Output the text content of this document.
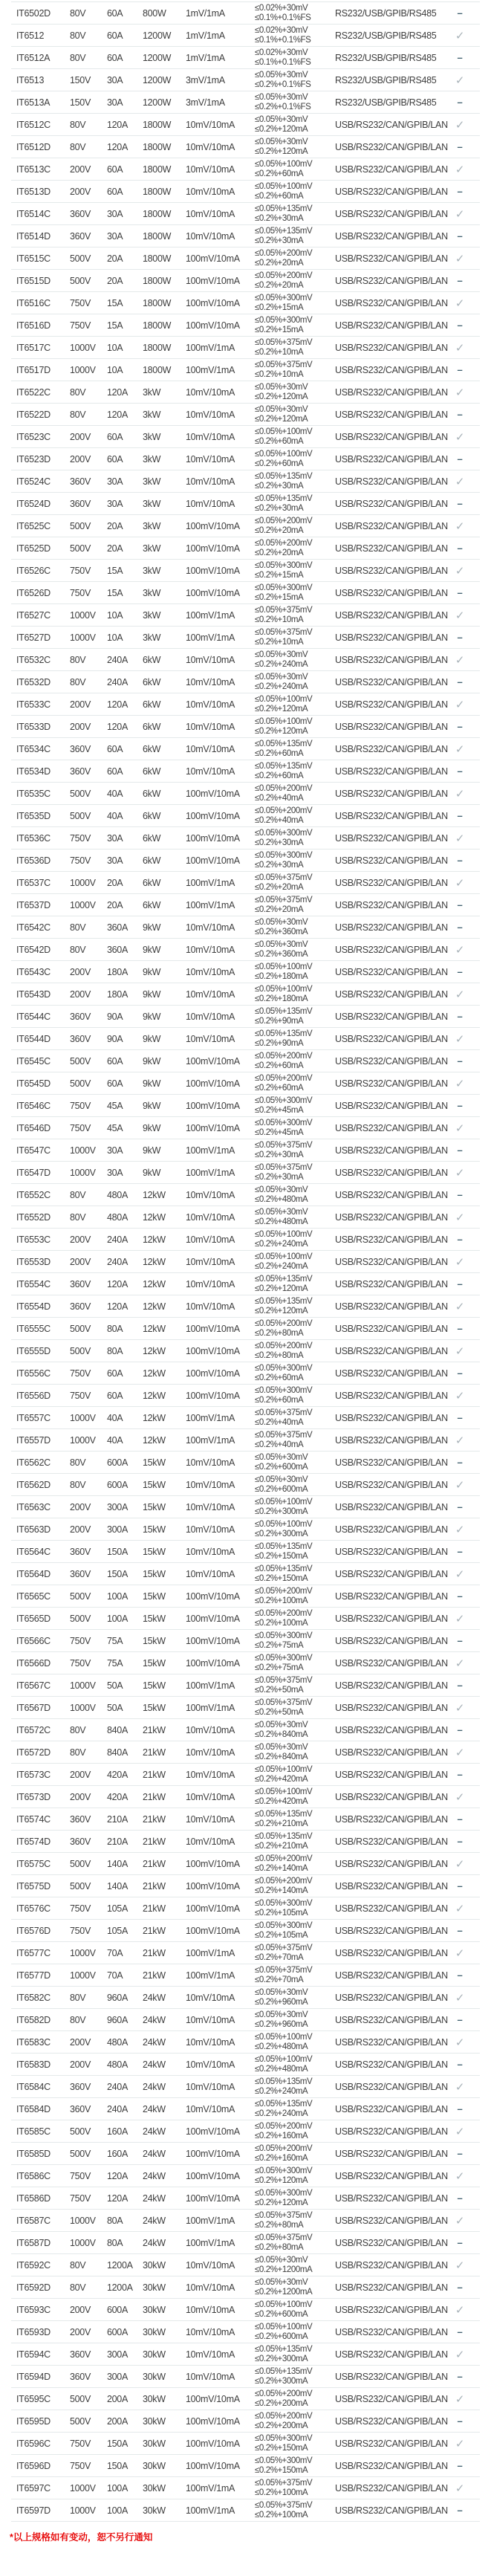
IT6502D	80V	60A	800W	1mV/1mA	≤0.02%+30mV
≤0.1%+0.1%FS	RS232/USB/GPIB/RS485	–
IT6512	80V	60A	1200W	1mV/1mA	≤0.02%+30mV
≤0.1%+0.1%FS	RS232/USB/GPIB/RS485	✓
IT6512A	80V	60A	1200W	1mV/1mA	≤0.02%+30mV
≤0.1%+0.1%FS	RS232/USB/GPIB/RS485	–
IT6513	150V	30A	1200W	3mV/1mA	≤0.05%+30mV
≤0.2%+0.1%FS	RS232/USB/GPIB/RS485	✓
IT6513A	150V	30A	1200W	3mV/1mA	≤0.05%+30mV
≤0.2%+0.1%FS	RS232/USB/GPIB/RS485	–
IT6512C	80V	120A	1800W	10mV/10mA	≤0.05%+30mV
≤0.2%+120mA	USB/RS232/CAN/GPIB/LAN ✓
IT6512D	80V	120A	1800W	10mV/10mA	≤0.05%+30mV
≤0.2%+120mA	USB/RS232/CAN/GPIB/LAN –
IT6513C	200V	60A	1800W	10mV/10mA	≤0.05%+100mV
≤0.2%+60mA	USB/RS232/CAN/GPIB/LAN ✓
IT6513D	200V	60A	1800W	10mV/10mA	≤0.05%+100mV
≤0.2%+60mA	USB/RS232/CAN/GPIB/LAN –
IT6514C	360V	30A	1800W	10mV/10mA	≤0.05%+135mV
≤0.2%+30mA	USB/RS232/CAN/GPIB/LAN ✓
IT6514D	360V	30A	1800W	10mV/10mA	≤0.05%+135mV
≤0.2%+30mA	USB/RS232/CAN/GPIB/LAN –
IT6515C	500V	20A	1800W	100mV/10mA	≤0.05%+200mV
≤0.2%+20mA	USB/RS232/CAN/GPIB/LAN ✓
IT6515D	500V	20A	1800W	100mV/10mA	≤0.05%+200mV
≤0.2%+20mA	USB/RS232/CAN/GPIB/LAN –
IT6516C	750V	15A	1800W	100mV/10mA	≤0.05%+300mV
≤0.2%+15mA	USB/RS232/CAN/GPIB/LAN ✓
IT6516D	750V	15A	1800W	100mV/10mA	≤0.05%+300mV
≤0.2%+15mA	USB/RS232/CAN/GPIB/LAN –
IT6517C	1000V	10A	1800W	100mV/1mA	≤0.05%+375mV
≤0.2%+10mA	USB/RS232/CAN/GPIB/LAN ✓
IT6517D	1000V	10A	1800W	100mV/1mA	≤0.05%+375mV
≤0.2%+10mA	USB/RS232/CAN/GPIB/LAN –
IT6522C	80V	120A	3kW	10mV/10mA	≤0.05%+30mV
≤0.2%+120mA	USB/RS232/CAN/GPIB/LAN ✓
IT6522D	80V	120A	3kW	10mV/10mA	≤0.05%+30mV
≤0.2%+120mA	USB/RS232/CAN/GPIB/LAN –
IT6523C	200V	60A	3kW	10mV/10mA	≤0.05%+100mV
≤0.2%+60mA	USB/RS232/CAN/GPIB/LAN ✓
IT6523D	200V	60A	3kW	10mV/10mA	≤0.05%+100mV
≤0.2%+60mA	USB/RS232/CAN/GPIB/LAN –
IT6524C	360V	30A	3kW	10mV/10mA	≤0.05%+135mV
≤0.2%+30mA	USB/RS232/CAN/GPIB/LAN ✓
IT6524D	360V	30A	3kW	10mV/10mA	≤0.05%+135mV
≤0.2%+30mA	USB/RS232/CAN/GPIB/LAN –
IT6525C	500V	20A	3kW	100mV/10mA	≤0.05%+200mV
≤0.2%+20mA	USB/RS232/CAN/GPIB/LAN ✓
IT6525D	500V	20A	3kW	100mV/10mA	≤0.05%+200mV
≤0.2%+20mA	USB/RS232/CAN/GPIB/LAN –
IT6526C	750V	15A	3kW	100mV/10mA	≤0.05%+300mV
≤0.2%+15mA	USB/RS232/CAN/GPIB/LAN ✓
IT6526D	750V	15A	3kW	100mV/10mA	≤0.05%+300mV
≤0.2%+15mA	USB/RS232/CAN/GPIB/LAN –
IT6527C	1000V	10A	3kW	100mV/1mA	≤0.05%+375mV
≤0.2%+10mA	USB/RS232/CAN/GPIB/LAN ✓
IT6527D	1000V	10A	3kW	100mV/1mA	≤0.05%+375mV
≤0.2%+10mA	USB/RS232/CAN/GPIB/LAN –
IT6532C	80V	240A	6kW	10mV/10mA	≤0.05%+30mV
≤0.2%+240mA	USB/RS232/CAN/GPIB/LAN ✓
IT6532D	80V	240A	6kW	10mV/10mA	≤0.05%+30mV
≤0.2%+240mA	USB/RS232/CAN/GPIB/LAN –
IT6533C	200V	120A	6kW	10mV/10mA	≤0.05%+100mV
≤0.2%+120mA	USB/RS232/CAN/GPIB/LAN ✓
IT6533D	200V	120A	6kW	10mV/10mA	≤0.05%+100mV
≤0.2%+120mA	USB/RS232/CAN/GPIB/LAN –
IT6534C	360V	60A	6kW	10mV/10mA	≤0.05%+135mV
≤0.2%+60mA	USB/RS232/CAN/GPIB/LAN ✓
IT6534D	360V	60A	6kW	10mV/10mA	≤0.05%+135mV
≤0.2%+60mA	USB/RS232/CAN/GPIB/LAN –
IT6535C	500V	40A	6kW	100mV/10mA	≤0.05%+200mV
≤0.2%+40mA	USB/RS232/CAN/GPIB/LAN ✓
IT6535D	500V	40A	6kW	100mV/10mA	≤0.05%+200mV
≤0.2%+40mA	USB/RS232/CAN/GPIB/LAN –
IT6536C	750V	30A	6kW	100mV/10mA	≤0.05%+300mV
≤0.2%+30mA	USB/RS232/CAN/GPIB/LAN ✓
IT6536D	750V	30A	6kW	100mV/10mA	≤0.05%+300mV
≤0.2%+30mA	USB/RS232/CAN/GPIB/LAN –
IT6537C	1000V	20A	6kW	100mV/1mA	≤0.05%+375mV
≤0.2%+20mA	USB/RS232/CAN/GPIB/LAN ✓
IT6537D	1000V	20A	6kW	100mV/1mA	≤0.05%+375mV
≤0.2%+20mA	USB/RS232/CAN/GPIB/LAN –
IT6542C	80V	360A	9kW	10mV/10mA	≤0.05%+30mV
≤0.2%+360mA	USB/RS232/CAN/GPIB/LAN –
IT6542D	80V	360A	9kW	10mV/10mA	≤0.05%+30mV
≤0.2%+360mA	USB/RS232/CAN/GPIB/LAN ✓
IT6543C	200V	180A	9kW	10mV/10mA	≤0.05%+100mV
≤0.2%+180mA	USB/RS232/CAN/GPIB/LAN –
IT6543D	200V	180A	9kW	10mV/10mA	≤0.05%+100mV
≤0.2%+180mA	USB/RS232/CAN/GPIB/LAN ✓
IT6544C	360V	90A	9kW	10mV/10mA	≤0.05%+135mV
≤0.2%+90mA	USB/RS232/CAN/GPIB/LAN –
IT6544D	360V	90A	9kW	10mV/10mA	≤0.05%+135mV
≤0.2%+90mA	USB/RS232/CAN/GPIB/LAN ✓
IT6545C	500V	60A	9kW	100mV/10mA	≤0.05%+200mV
≤0.2%+60mA	USB/RS232/CAN/GPIB/LAN –
IT6545D	500V	60A	9kW	100mV/10mA	≤0.05%+200mV
≤0.2%+60mA	USB/RS232/CAN/GPIB/LAN ✓
IT6546C	750V	45A	9kW	100mV/10mA	≤0.05%+300mV
≤0.2%+45mA	USB/RS232/CAN/GPIB/LAN –
IT6546D	750V	45A	9kW	100mV/10mA	≤0.05%+300mV
≤0.2%+45mA	USB/RS232/CAN/GPIB/LAN ✓
IT6547C	1000V	30A	9kW	100mV/1mA	≤0.05%+375mV
≤0.2%+30mA	USB/RS232/CAN/GPIB/LAN –
IT6547D	1000V	30A	9kW	100mV/1mA	≤0.05%+375mV
≤0.2%+30mA	USB/RS232/CAN/GPIB/LAN ✓
IT6552C	80V	480A	12kW	10mV/10mA	≤0.05%+30mV
≤0.2%+480mA	USB/RS232/CAN/GPIB/LAN –
IT6552D	80V	480A	12kW	10mV/10mA	≤0.05%+30mV
≤0.2%+480mA	USB/RS232/CAN/GPIB/LAN ✓
IT6553C	200V	240A	12kW	10mV/10mA	≤0.05%+100mV
≤0.2%+240mA	USB/RS232/CAN/GPIB/LAN –
IT6553D	200V	240A	12kW	10mV/10mA	≤0.05%+100mV
≤0.2%+240mA	USB/RS232/CAN/GPIB/LAN ✓
IT6554C	360V	120A	12kW	10mV/10mA	≤0.05%+135mV
≤0.2%+120mA	USB/RS232/CAN/GPIB/LAN –
IT6554D	360V	120A	12kW	10mV/10mA	≤0.05%+135mV
≤0.2%+120mA	USB/RS232/CAN/GPIB/LAN ✓
IT6555C	500V	80A	12kW	100mV/10mA	≤0.05%+200mV
≤0.2%+80mA	USB/RS232/CAN/GPIB/LAN –
IT6555D	500V	80A	12kW	100mV/10mA	≤0.05%+200mV
≤0.2%+80mA	USB/RS232/CAN/GPIB/LAN ✓
IT6556C	750V	60A	12kW	100mV/10mA	≤0.05%+300mV
≤0.2%+60mA	USB/RS232/CAN/GPIB/LAN –
IT6556D	750V	60A	12kW	100mV/10mA	≤0.05%+300mV
≤0.2%+60mA	USB/RS232/CAN/GPIB/LAN ✓
IT6557C	1000V	40A	12kW	100mV/1mA	≤0.05%+375mV
≤0.2%+40mA	USB/RS232/CAN/GPIB/LAN –
IT6557D	1000V	40A	12kW	100mV/1mA	≤0.05%+375mV
≤0.2%+40mA	USB/RS232/CAN/GPIB/LAN ✓
IT6562C	80V	600A	15kW	10mV/10mA	≤0.05%+30mV
≤0.2%+600mA	USB/RS232/CAN/GPIB/LAN –
IT6562D	80V	600A	15kW	10mV/10mA	≤0.05%+30mV
≤0.2%+600mA	USB/RS232/CAN/GPIB/LAN ✓
IT6563C	200V	300A	15kW	10mV/10mA	≤0.05%+100mV
≤0.2%+300mA	USB/RS232/CAN/GPIB/LAN –
IT6563D	200V	300A	15kW	10mV/10mA	≤0.05%+100mV
≤0.2%+300mA	USB/RS232/CAN/GPIB/LAN ✓
IT6564C	360V	150A	15kW	10mV/10mA	≤0.05%+135mV
≤0.2%+150mA	USB/RS232/CAN/GPIB/LAN –
IT6564D	360V	150A	15kW	10mV/10mA	≤0.05%+135mV
≤0.2%+150mA	USB/RS232/CAN/GPIB/LAN ✓
IT6565C	500V	100A	15kW	100mV/10mA	≤0.05%+200mV
≤0.2%+100mA	USB/RS232/CAN/GPIB/LAN –
IT6565D	500V	100A	15kW	100mV/10mA	≤0.05%+200mV
≤0.2%+100mA	USB/RS232/CAN/GPIB/LAN ✓
IT6566C	750V	75A	15kW	100mV/10mA	≤0.05%+300mV
≤0.2%+75mA	USB/RS232/CAN/GPIB/LAN –
IT6566D	750V	75A	15kW	100mV/10mA	≤0.05%+300mV
≤0.2%+75mA	USB/RS232/CAN/GPIB/LAN ✓
IT6567C	1000V	50A	15kW	100mV/1mA	≤0.05%+375mV
≤0.2%+50mA	USB/RS232/CAN/GPIB/LAN –
IT6567D	1000V	50A	15kW	100mV/1mA	≤0.05%+375mV
≤0.2%+50mA	USB/RS232/CAN/GPIB/LAN ✓
IT6572C	80V	840A	21kW	10mV/10mA	≤0.05%+30mV
≤0.2%+840mA	USB/RS232/CAN/GPIB/LAN –
IT6572D	80V	840A	21kW	10mV/10mA	≤0.05%+30mV
≤0.2%+840mA	USB/RS232/CAN/GPIB/LAN ✓
IT6573C	200V	420A	21kW	10mV/10mA	≤0.05%+100mV
≤0.2%+420mA	USB/RS232/CAN/GPIB/LAN –
IT6573D	200V	420A	21kW	10mV/10mA	≤0.05%+100mV
≤0.2%+420mA	USB/RS232/CAN/GPIB/LAN ✓
IT6574C	360V	210A	21kW	10mV/10mA	≤0.05%+135mV
≤0.2%+210mA	USB/RS232/CAN/GPIB/LAN –
IT6574D	360V	210A	21kW	10mV/10mA	≤0.05%+135mV
≤0.2%+210mA	USB/RS232/CAN/GPIB/LAN –
IT6575C	500V	140A	21kW	100mV/10mA	≤0.05%+200mV
≤0.2%+140mA	USB/RS232/CAN/GPIB/LAN ✓
IT6575D	500V	140A	21kW	100mV/10mA	≤0.05%+200mV
≤0.2%+140mA	USB/RS232/CAN/GPIB/LAN –
IT6576C	750V	105A	21kW	100mV/10mA	≤0.05%+300mV
≤0.2%+105mA	USB/RS232/CAN/GPIB/LAN ✓
IT6576D	750V	105A	21kW	100mV/10mA	≤0.05%+300mV
≤0.2%+105mA	USB/RS232/CAN/GPIB/LAN –
IT6577C	1000V	70A	21kW	100mV/1mA	≤0.05%+375mV
≤0.2%+70mA	USB/RS232/CAN/GPIB/LAN ✓
IT6577D	1000V	70A	21kW	100mV/1mA	≤0.05%+375mV
≤0.2%+70mA	USB/RS232/CAN/GPIB/LAN –
IT6582C	80V	960A	24kW	10mV/10mA	≤0.05%+30mV
≤0.2%+960mA	USB/RS232/CAN/GPIB/LAN ✓
IT6582D	80V	960A	24kW	10mV/10mA	≤0.05%+30mV
≤0.2%+960mA	USB/RS232/CAN/GPIB/LAN –
IT6583C	200V	480A	24kW	10mV/10mA	≤0.05%+100mV
≤0.2%+480mA	USB/RS232/CAN/GPIB/LAN ✓
IT6583D	200V	480A	24kW	10mV/10mA	≤0.05%+100mV
≤0.2%+480mA	USB/RS232/CAN/GPIB/LAN –
IT6584C	360V	240A	24kW	10mV/10mA	≤0.05%+135mV
≤0.2%+240mA	USB/RS232/CAN/GPIB/LAN ✓
IT6584D	360V	240A	24kW	10mV/10mA	≤0.05%+135mV
≤0.2%+240mA	USB/RS232/CAN/GPIB/LAN –
IT6585C	500V	160A	24kW	100mV/10mA	≤0.05%+200mV
≤0.2%+160mA	USB/RS232/CAN/GPIB/LAN ✓
IT6585D	500V	160A	24kW	100mV/10mA	≤0.05%+200mV
≤0.2%+160mA	USB/RS232/CAN/GPIB/LAN –
IT6586C	750V	120A	24kW	100mV/10mA	≤0.05%+300mV
≤0.2%+120mA	USB/RS232/CAN/GPIB/LAN ✓
IT6586D	750V	120A	24kW	100mV/10mA	≤0.05%+300mV
≤0.2%+120mA	USB/RS232/CAN/GPIB/LAN –
IT6587C	1000V	80A	24kW	100mV/1mA	≤0.05%+375mV
≤0.2%+80mA	USB/RS232/CAN/GPIB/LAN ✓
IT6587D	1000V	80A	24kW	100mV/1mA	≤0.05%+375mV
≤0.2%+80mA	USB/RS232/CAN/GPIB/LAN –
IT6592C	80V	1200A	30kW	10mV/10mA	≤0.05%+30mV
≤0.2%+1200mA	USB/RS232/CAN/GPIB/LAN ✓
IT6592D	80V	1200A	30kW	10mV/10mA	≤0.05%+30mV
≤0.2%+1200mA	USB/RS232/CAN/GPIB/LAN –
IT6593C	200V	600A	30kW	10mV/10mA	≤0.05%+100mV
≤0.2%+600mA	USB/RS232/CAN/GPIB/LAN ✓
IT6593D	200V	600A	30kW	10mV/10mA	≤0.05%+100mV
≤0.2%+600mA	USB/RS232/CAN/GPIB/LAN –
IT6594C	360V	300A	30kW	10mV/10mA	≤0.05%+135mV
≤0.2%+300mA	USB/RS232/CAN/GPIB/LAN ✓
IT6594D	360V	300A	30kW	10mV/10mA	≤0.05%+135mV
≤0.2%+300mA	USB/RS232/CAN/GPIB/LAN –
IT6595C	500V	200A	30kW	100mV/10mA	≤0.05%+200mV
≤0.2%+200mA	USB/RS232/CAN/GPIB/LAN ✓
IT6595D	500V	200A	30kW	100mV/10mA	≤0.05%+200mV
≤0.2%+200mA	USB/RS232/CAN/GPIB/LAN –
IT6596C	750V	150A	30kW	100mV/10mA	≤0.05%+300mV
≤0.2%+150mA	USB/RS232/CAN/GPIB/LAN ✓
IT6596D	750V	150A	30kW	100mV/10mA	≤0.05%+300mV
≤0.2%+150mA	USB/RS232/CAN/GPIB/LAN –
IT6597C	1000V	100A	30kW	100mV/1mA	≤0.05%+375mV
≤0.2%+100mA	USB/RS232/CAN/GPIB/LAN ✓
IT6597D	1000V	100A	30kW	100mV/1mA	≤0.05%+375mV
≤0.2%+100mA	USB/RS232/CAN/GPIB/LAN –
*以上规格如有变动，恕不另行通知
